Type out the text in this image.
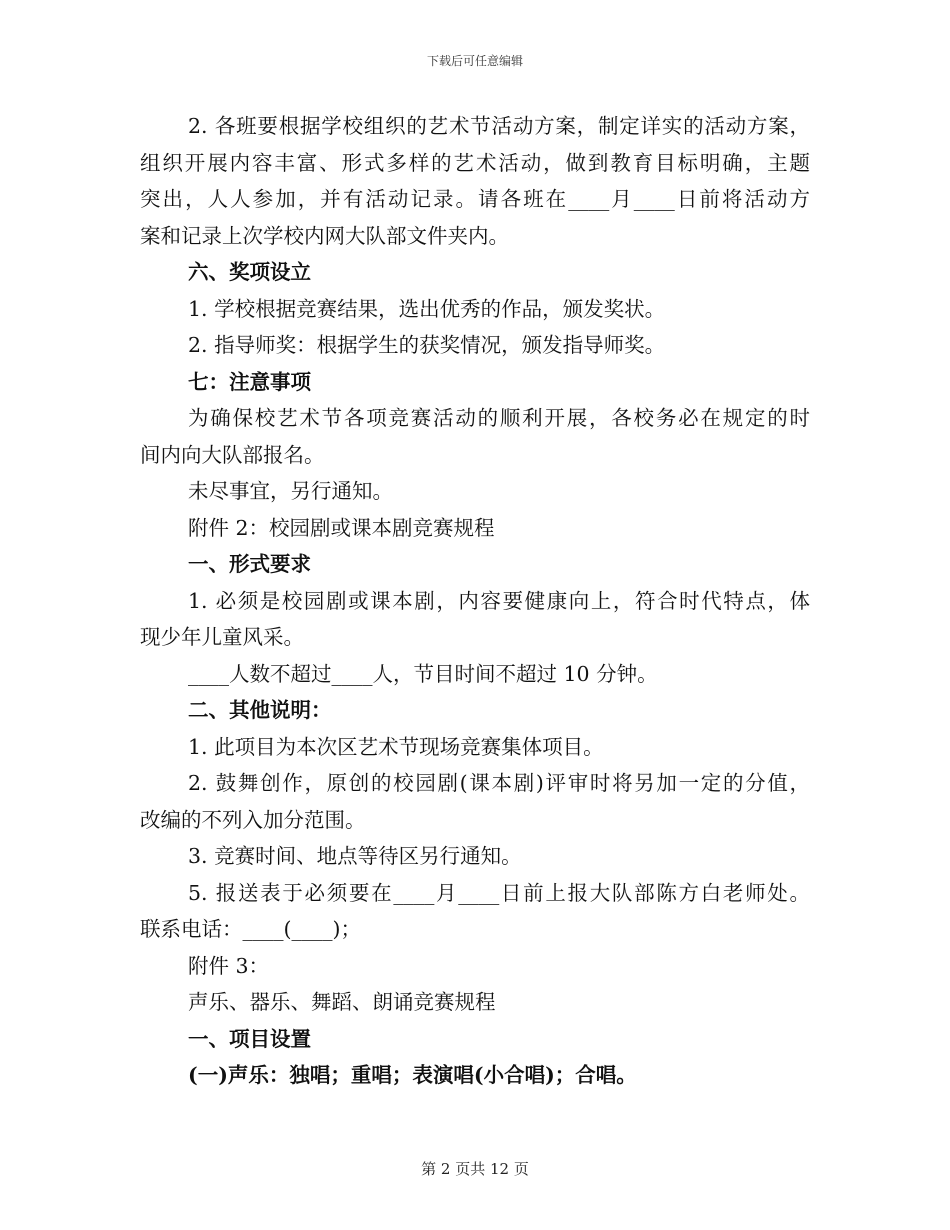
下载后可任意编辑
2. 各班要根据学校组织的艺术节活动方案，制定详实的活动方案，
组织开展内容丰富、形式多样的艺术活动，做到教育目标明确，主题
突出，人人参加，并有活动记录。请各班在____月____日前将活动方
案和记录上次学校内网大队部文件夹内。
六、奖项设立
1. 学校根据竞赛结果，选出优秀的作品，颁发奖状。
2. 指导师奖：根据学生的获奖情况，颁发指导师奖。
七：注意事项
为确保校艺术节各项竞赛活动的顺利开展，各校务必在规定的时
间内向大队部报名。
未尽事宜，另行通知。
附件 2：校园剧或课本剧竞赛规程
一、形式要求
1. 必须是校园剧或课本剧，内容要健康向上，符合时代特点，体
现少年儿童风采。
____人数不超过____人，节目时间不超过 10 分钟。
二、其他说明：
1. 此项目为本次区艺术节现场竞赛集体项目。
2. 鼓舞创作，原创的校园剧(课本剧)评审时将另加一定的分值，
改编的不列入加分范围。
3. 竞赛时间、地点等待区另行通知。
5. 报送表于必须要在____月____日前上报大队部陈方白老师处。
联系电话：____(____)；
附件 3：
声乐、器乐、舞蹈、朗诵竞赛规程
一、项目设置
(一)声乐：独唱；重唱；表演唱(小合唱)；合唱。
第 2 页共 12 页
